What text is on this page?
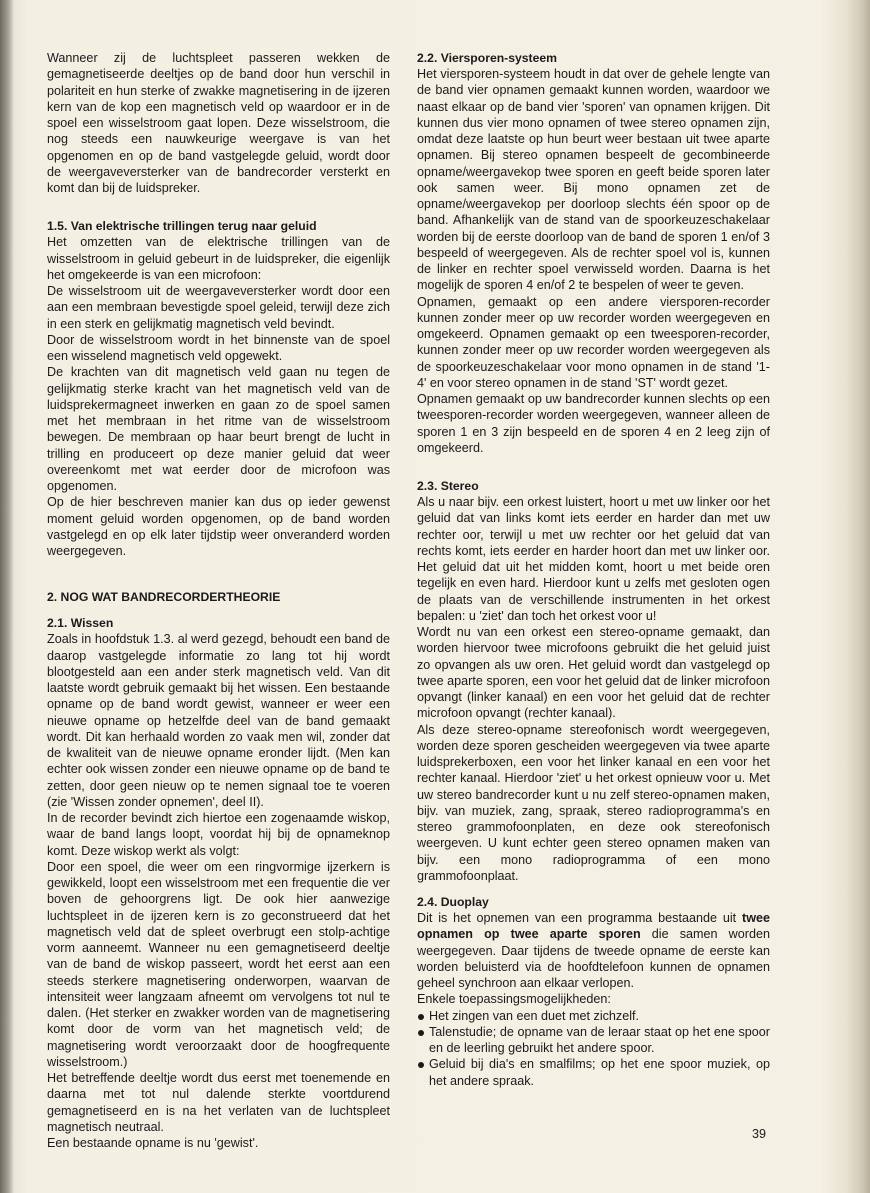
Wanneer zij de luchtspleet passeren wekken de gemagnetiseerde deeltjes op de band door hun verschil in polariteit en hun sterke of zwakke magnetisering in de ijzeren kern van de kop een magnetisch veld op waardoor er in de spoel een wisselstroom gaat lopen. Deze wisselstroom, die nog steeds een nauwkeurige weergave is van het opgenomen en op de band vastgelegde geluid, wordt door de weergaveversterker van de bandrecorder versterkt en komt dan bij de luidspreker.

1.5. Van elektrische trillingen terug naar geluid

Het omzetten van de elektrische trillingen van de wisselstroom in geluid gebeurt in de luidspreker, die eigenlijk het omgekeerde is van een microfoon:

De wisselstroom uit de weergaveversterker wordt door een aan een membraan bevestigde spoel geleid, terwijl deze zich in een sterk en gelijkmatig magnetisch veld bevindt.

Door de wisselstroom wordt in het binnenste van de spoel een wisselend magnetisch veld opgewekt.

De krachten van dit magnetisch veld gaan nu tegen de gelijkmatig sterke kracht van het magnetisch veld van de luidsprekermagneet inwerken en gaan zo de spoel samen met het membraan in het ritme van de wisselstroom bewegen. De membraan op haar beurt brengt de lucht in trilling en produceert op deze manier geluid dat weer overeenkomt met wat eerder door de microfoon was opgenomen.

Op de hier beschreven manier kan dus op ieder gewenst moment geluid worden opgenomen, op de band worden vastgelegd en op elk later tijdstip weer onveranderd worden weergegeven.

2. NOG WAT BANDRECORDERTHEORIE
2.1. Wissen

Zoals in hoofdstuk 1.3. al werd gezegd, behoudt een band de daarop vastgelegde informatie zo lang tot hij wordt blootgesteld aan een ander sterk magnetisch veld. Van dit laatste wordt gebruik gemaakt bij het wissen. Een bestaande opname op de band wordt gewist, wanneer er weer een nieuwe opname op hetzelfde deel van de band gemaakt wordt. Dit kan herhaald worden zo vaak men wil, zonder dat de kwaliteit van de nieuwe opname eronder lijdt. (Men kan echter ook wissen zonder een nieuwe opname op de band te zetten, door geen nieuw op te nemen signaal toe te voeren (zie 'Wissen zonder opnemen', deel II).

In de recorder bevindt zich hiertoe een zogenaamde wiskop, waar de band langs loopt, voordat hij bij de opnameknop komt. Deze wiskop werkt als volgt:

Door een spoel, die weer om een ringvormige ijzerkern is gewikkeld, loopt een wisselstroom met een frequentie die ver boven de gehoorgrens ligt. De ook hier aanwezige luchtspleet in de ijzeren kern is zo geconstrueerd dat het magnetisch veld dat de spleet overbrugt een stolp-achtige vorm aanneemt. Wanneer nu een gemagnetiseerd deeltje van de band de wiskop passeert, wordt het eerst aan een steeds sterkere magnetisering onderworpen, waarvan de intensiteit weer langzaam afneemt om vervolgens tot nul te dalen. (Het sterker en zwakker worden van de magnetisering komt door de vorm van het magnetisch veld; de magnetisering wordt veroorzaakt door de hoogfrequente wisselstroom.)

Het betreffende deeltje wordt dus eerst met toenemende en daarna met tot nul dalende sterkte voortdurend gemagnetiseerd en is na het verlaten van de luchtspleet magnetisch neutraal.

Een bestaande opname is nu 'gewist'.

2.2. Viersporen-systeem

Het viersporen-systeem houdt in dat over de gehele lengte van de band vier opnamen gemaakt kunnen worden, waardoor we naast elkaar op de band vier 'sporen' van opnamen krijgen. Dit kunnen dus vier mono opnamen of twee stereo opnamen zijn, omdat deze laatste op hun beurt weer bestaan uit twee aparte opnamen. Bij stereo opnamen bespeelt de gecombineerde opname/weergavekop twee sporen en geeft beide sporen later ook samen weer. Bij mono opnamen zet de opname/weergavekop per doorloop slechts één spoor op de band. Afhankelijk van de stand van de spoorkeuzeschakelaar worden bij de eerste doorloop van de band de sporen 1 en/of 3 bespeeld of weergegeven. Als de rechter spoel vol is, kunnen de linker en rechter spoel verwisseld worden. Daarna is het mogelijk de sporen 4 en/of 2 te bespelen of weer te geven.

Opnamen, gemaakt op een andere viersporen-recorder kunnen zonder meer op uw recorder worden weergegeven en omgekeerd. Opnamen gemaakt op een tweesporen-recorder, kunnen zonder meer op uw recorder worden weergegeven als de spoorkeuzeschakelaar voor mono opnamen in de stand '1-4' en voor stereo opnamen in de stand 'ST' wordt gezet.

Opnamen gemaakt op uw bandrecorder kunnen slechts op een tweesporen-recorder worden weergegeven, wanneer alleen de sporen 1 en 3 zijn bespeeld en de sporen 4 en 2 leeg zijn of omgekeerd.

2.3. Stereo

Als u naar bijv. een orkest luistert, hoort u met uw linker oor het geluid dat van links komt iets eerder en harder dan met uw rechter oor, terwijl u met uw rechter oor het geluid dat van rechts komt, iets eerder en harder hoort dan met uw linker oor. Het geluid dat uit het midden komt, hoort u met beide oren tegelijk en even hard. Hierdoor kunt u zelfs met gesloten ogen de plaats van de verschillende instrumenten in het orkest bepalen: u 'ziet' dan toch het orkest voor u!

Wordt nu van een orkest een stereo-opname gemaakt, dan worden hiervoor twee microfoons gebruikt die het geluid juist zo opvangen als uw oren. Het geluid wordt dan vastgelegd op twee aparte sporen, een voor het geluid dat de linker microfoon opvangt (linker kanaal) en een voor het geluid dat de rechter microfoon opvangt (rechter kanaal).

Als deze stereo-opname stereofonisch wordt weergegeven, worden deze sporen gescheiden weergegeven via twee aparte luidsprekerboxen, een voor het linker kanaal en een voor het rechter kanaal. Hierdoor 'ziet' u het orkest opnieuw voor u. Met uw stereo bandrecorder kunt u nu zelf stereo-opnamen maken, bijv. van muziek, zang, spraak, stereo radioprogramma's en stereo grammofoonplaten, en deze ook stereofonisch weergeven. U kunt echter geen stereo opnamen maken van bijv. een mono radioprogramma of een mono grammofoonplaat.

2.4. Duoplay

Dit is het opnemen van een programma bestaande uit twee opnamen op twee aparte sporen die samen worden weergegeven. Daar tijdens de tweede opname de eerste kan worden beluisterd via de hoofdtelefoon kunnen de opnamen geheel synchroon aan elkaar verlopen.

Enkele toepassingsmogelijkheden:

Het zingen van een duet met zichzelf.
Talenstudie; de opname van de leraar staat op het ene spoor en de leerling gebruikt het andere spoor.
Geluid bij dia's en smalfilms; op het ene spoor muziek, op het andere spraak.
39
